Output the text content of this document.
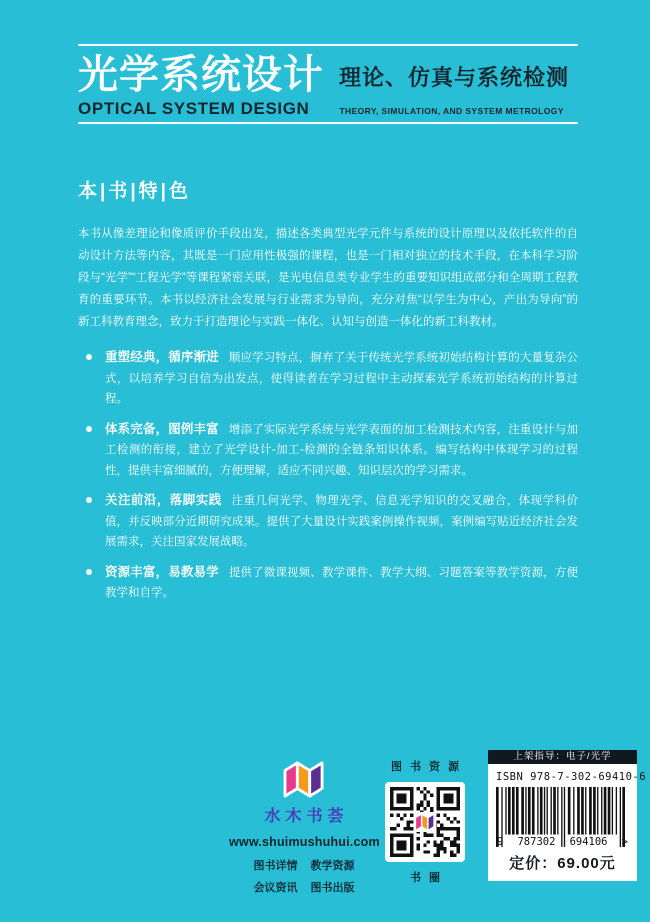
光学系统设计 理论、仿真与系统检测
OPTICAL SYSTEM DESIGN	THEORY, SIMULATION, AND SYSTEM METROLOGY
本|书|特|色

本书从像差理论和像质评价手段出发，描述各类典型光学元件与系统的设计原理以及依托软件的自动设计方法等内容，其既是一门应用性极强的课程，也是一门相对独立的技术手段，在本科学习阶段与“光学”“工程光学”等课程紧密关联，是光电信息类专业学生的重要知识组成部分和全周期工程教育的重要环节。本书以经济社会发展与行业需求为导向，充分对焦“以学生为中心，产出为导向”的新工科教育理念，致力于打造理论与实践一体化、认知与创造一体化的新工科教材。

重塑经典，循序渐进 顺应学习特点，摒弃了关于传统光学系统初始结构计算的大量复杂公式，以培养学习自信为出发点，使得读者在学习过程中主动探索光学系统初始结构的计算过程。
体系完备，图例丰富 增添了实际光学系统与光学表面的加工检测技术内容，注重设计与加工检测的衔接，建立了光学设计-加工-检测的全链条知识体系。编写结构中体现学习的过程性，提供丰富细腻的，方便理解，适应不同兴趣、知识层次的学习需求。
关注前沿，落脚实践 注重几何光学、物理光学、信息光学知识的交叉融合，体现学科价值，并反映部分近期研究成果。提供了大量设计实践案例操作视频，案例编写贴近经济社会发展需求，关注国家发展战略。
资源丰富，易教易学 提供了微课视频、教学课件、教学大纲、习题答案等教学资源，方便教学和自学。
水木书荟
www.shuimushuhui.com
图书详情 教学资源
会议资讯 图书出版
图书资源
书圈
上架指导：电子/光学
ISBN 978-7-302-69410-6
9 787302 694106 >
定价：69.00元
